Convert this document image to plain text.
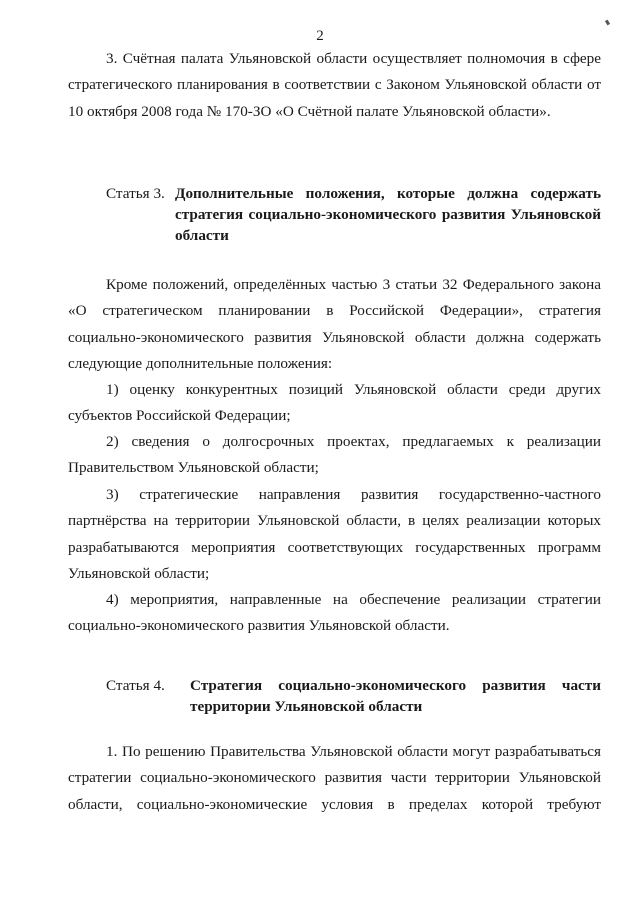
2

3. Счётная палата Ульяновской области осуществляет полномочия в сфере стратегического планирования в соответствии с Законом Ульяновской области от 10 октября 2008 года № 170-ЗО «О Счётной палате Ульяновской области».

Статья 3. Дополнительные положения, которые должна содержать стратегия социально-экономического развития Ульяновской области

Кроме положений, определённых частью 3 статьи 32 Федерального закона «О стратегическом планировании в Российской Федерации», стратегия социально-экономического развития Ульяновской области должна содержать следующие дополнительные положения:

1) оценку конкурентных позиций Ульяновской области среди других субъектов Российской Федерации;

2) сведения о долгосрочных проектах, предлагаемых к реализации Правительством Ульяновской области;

3) стратегические направления развития государственно-частного партнёрства на территории Ульяновской области, в целях реализации которых разрабатываются мероприятия соответствующих государственных программ Ульяновской области;

4) мероприятия, направленные на обеспечение реализации стратегии социально-экономического развития Ульяновской области.

Статья 4. Стратегия социально-экономического развития части территории Ульяновской области

1. По решению Правительства Ульяновской области могут разрабатываться стратегии социально-экономического развития части территории Ульяновской области, социально-экономические условия в пределах которой требуют
